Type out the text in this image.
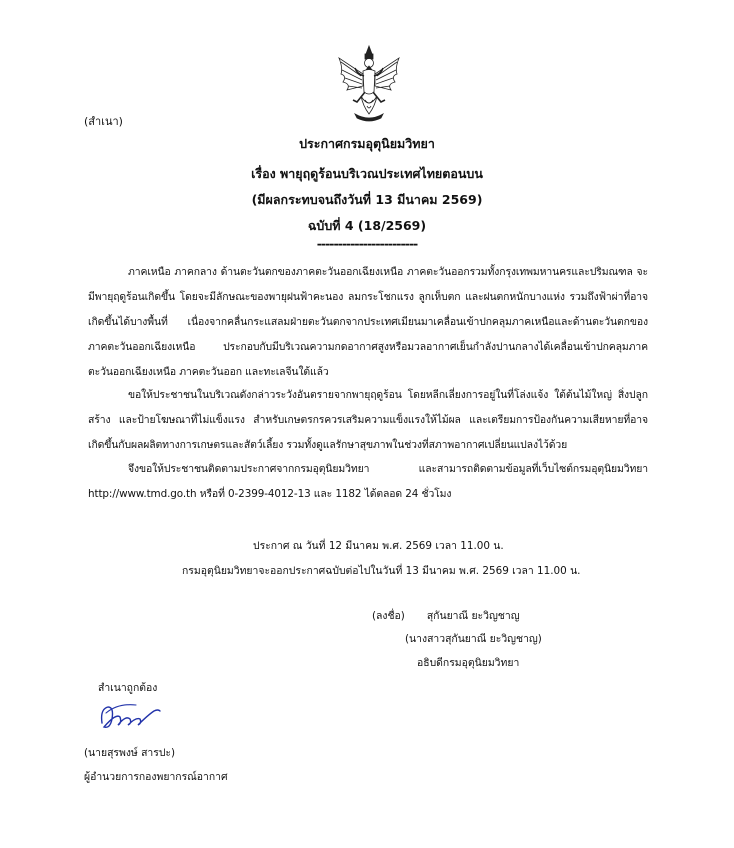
(สำเนา)
ประกาศกรมอุตุนิยมวิทยา
เรื่อง พายุฤดูร้อนบริเวณประเทศไทยตอนบน
(มีผลกระทบจนถึงวันที่ 13 มีนาคม 2569)
ฉบับที่ 4 (18/2569)
------------------------
ภาคเหนือ ภาคกลาง ด้านตะวันตกของภาคตะวันออกเฉียงเหนือ ภาคตะวันออกรวมทั้งกรุงเทพมหานครและปริมณฑล จะมีพายุฤดูร้อนเกิดขึ้น โดยจะมีลักษณะของพายุฝนฟ้าคะนอง ลมกระโชกแรง ลูกเห็บตก และฝนตกหนักบางแห่ง รวมถึงฟ้าผ่าที่อาจเกิดขึ้นได้บางพื้นที่ เนื่องจากคลื่นกระแสลมฝ่ายตะวันตกจากประเทศเมียนมาเคลื่อนเข้าปกคลุมภาคเหนือและด้านตะวันตกของภาคตะวันออกเฉียงเหนือ ประกอบกับมีบริเวณความกดอากาศสูงหรือมวลอากาศเย็นกำลังปานกลางได้เคลื่อนเข้าปกคลุมภาคตะวันออกเฉียงเหนือ ภาคตะวันออก และทะเลจีนใต้แล้ว
ขอให้ประชาชนในบริเวณดังกล่าวระวังอันตรายจากพายุฤดูร้อน โดยหลีกเลี่ยงการอยู่ในที่โล่งแจ้ง ใต้ต้นไม้ใหญ่ สิ่งปลูกสร้าง และป้ายโฆษณาที่ไม่แข็งแรง สำหรับเกษตรกรควรเสริมความแข็งแรงให้ไม้ผล และเตรียมการป้องกันความเสียหายที่อาจเกิดขึ้นกับผลผลิตทางการเกษตรและสัตว์เลี้ยง รวมทั้งดูแลรักษาสุขภาพในช่วงที่สภาพอากาศเปลี่ยนแปลงไว้ด้วย
จึงขอให้ประชาชนติดตามประกาศจากกรมอุตุนิยมวิทยา และสามารถติดตามข้อมูลที่เว็บไซต์กรมอุตุนิยมวิทยา http://www.tmd.go.th หรือที่ 0-2399-4012-13 และ 1182 ได้ตลอด 24 ชั่วโมง
ประกาศ ณ วันที่ 12 มีนาคม พ.ศ. 2569 เวลา 11.00 น.
กรมอุตุนิยมวิทยาจะออกประกาศฉบับต่อไปในวันที่ 13 มีนาคม พ.ศ. 2569 เวลา 11.00 น.
(ลงชื่อ) สุกันยาณี ยะวิญชาญ
(นางสาวสุกันยาณี ยะวิญชาญ)
อธิบดีกรมอุตุนิยมวิทยา
สำเนาถูกต้อง
(นายสุรพงษ์ สารปะ)
ผู้อำนวยการกองพยากรณ์อากาศ
